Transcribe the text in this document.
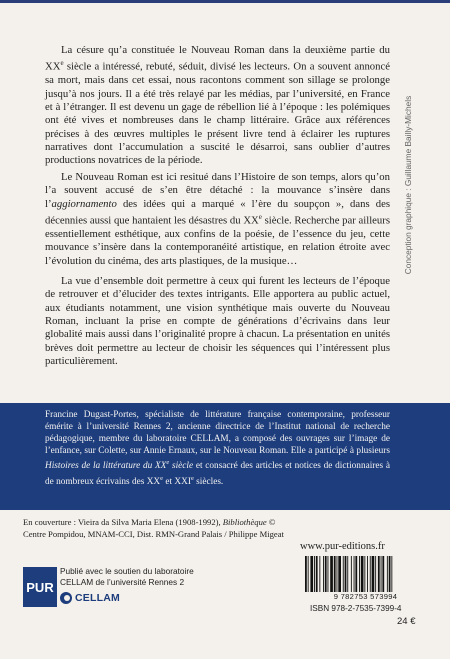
Conception graphique : Guillaume Bailly-Michels

La césure qu’a constituée le Nouveau Roman dans la deuxième partie du XXe siècle a intéressé, rebuté, séduit, divisé les lecteurs. On a souvent annoncé sa mort, mais dans cet essai, nous racontons comment son sillage se prolonge jusqu’à nos jours. Il a été très relayé par les médias, par l’université, en France et à l’étranger. Il est devenu un gage de rébellion lié à l’époque : les polémiques ont été vives et nombreuses dans le champ littéraire. Grâce aux références précises à des œuvres multiples le présent livre tend à éclairer les ruptures narratives dont l’accumulation a suscité le désarroi, sans oublier d’autres productions novatrices de la période.

Le Nouveau Roman est ici resitué dans l’Histoire de son temps, alors qu’on l’a souvent accusé de s’en être détaché : la mouvance s’insère dans l’aggiornamento des idées qui a marqué « l’ère du soupçon », dans des décennies aussi que hantaient les désastres du XXe siècle. Recherche par ailleurs essentiellement esthétique, aux confins de la poésie, de l’essence du jeu, cette mouvance s’insère dans la contemporanéité artistique, en relation étroite avec l’évolution du cinéma, des arts plastiques, de la musique…

La vue d’ensemble doit permettre à ceux qui furent les lecteurs de l’époque de retrouver et d’élucider des textes intrigants. Elle apportera au public actuel, aux étudiants notamment, une vision synthétique mais ouverte du Nouveau Roman, incluant la prise en compte de générations d’écrivains dans leur globalité mais aussi dans l’originalité propre à chacun. La présentation en unités brèves doit permettre au lecteur de choisir les séquences qui l’intéressent plus particulièrement.

Francine Dugast-Portes, spécialiste de littérature française contemporaine, professeur émérite à l’université Rennes 2, ancienne directrice de l’Institut national de recherche pédagogique, membre du laboratoire CELLAM, a composé des ouvrages sur l’image de l’enfance, sur Colette, sur Annie Ernaux, sur le Nouveau Roman. Elle a participé à plusieurs Histoires de la littérature du XXe siècle et consacré des articles et notices de dictionnaires à de nombreux écrivains des XXe et XXIe siècles.

En couverture : Vieira da Silva Maria Elena (1908-1992), Bibliothèque © Centre Pompidou, MNAM-CCI, Dist. RMN-Grand Palais / Philippe Migeat

www.pur-editions.fr
9 782753 573994
ISBN 978-2-7535-7399-4
24 €
PUR
Publié avec le soutien du laboratoire
CELLAM de l’université Rennes 2
CELLAM
